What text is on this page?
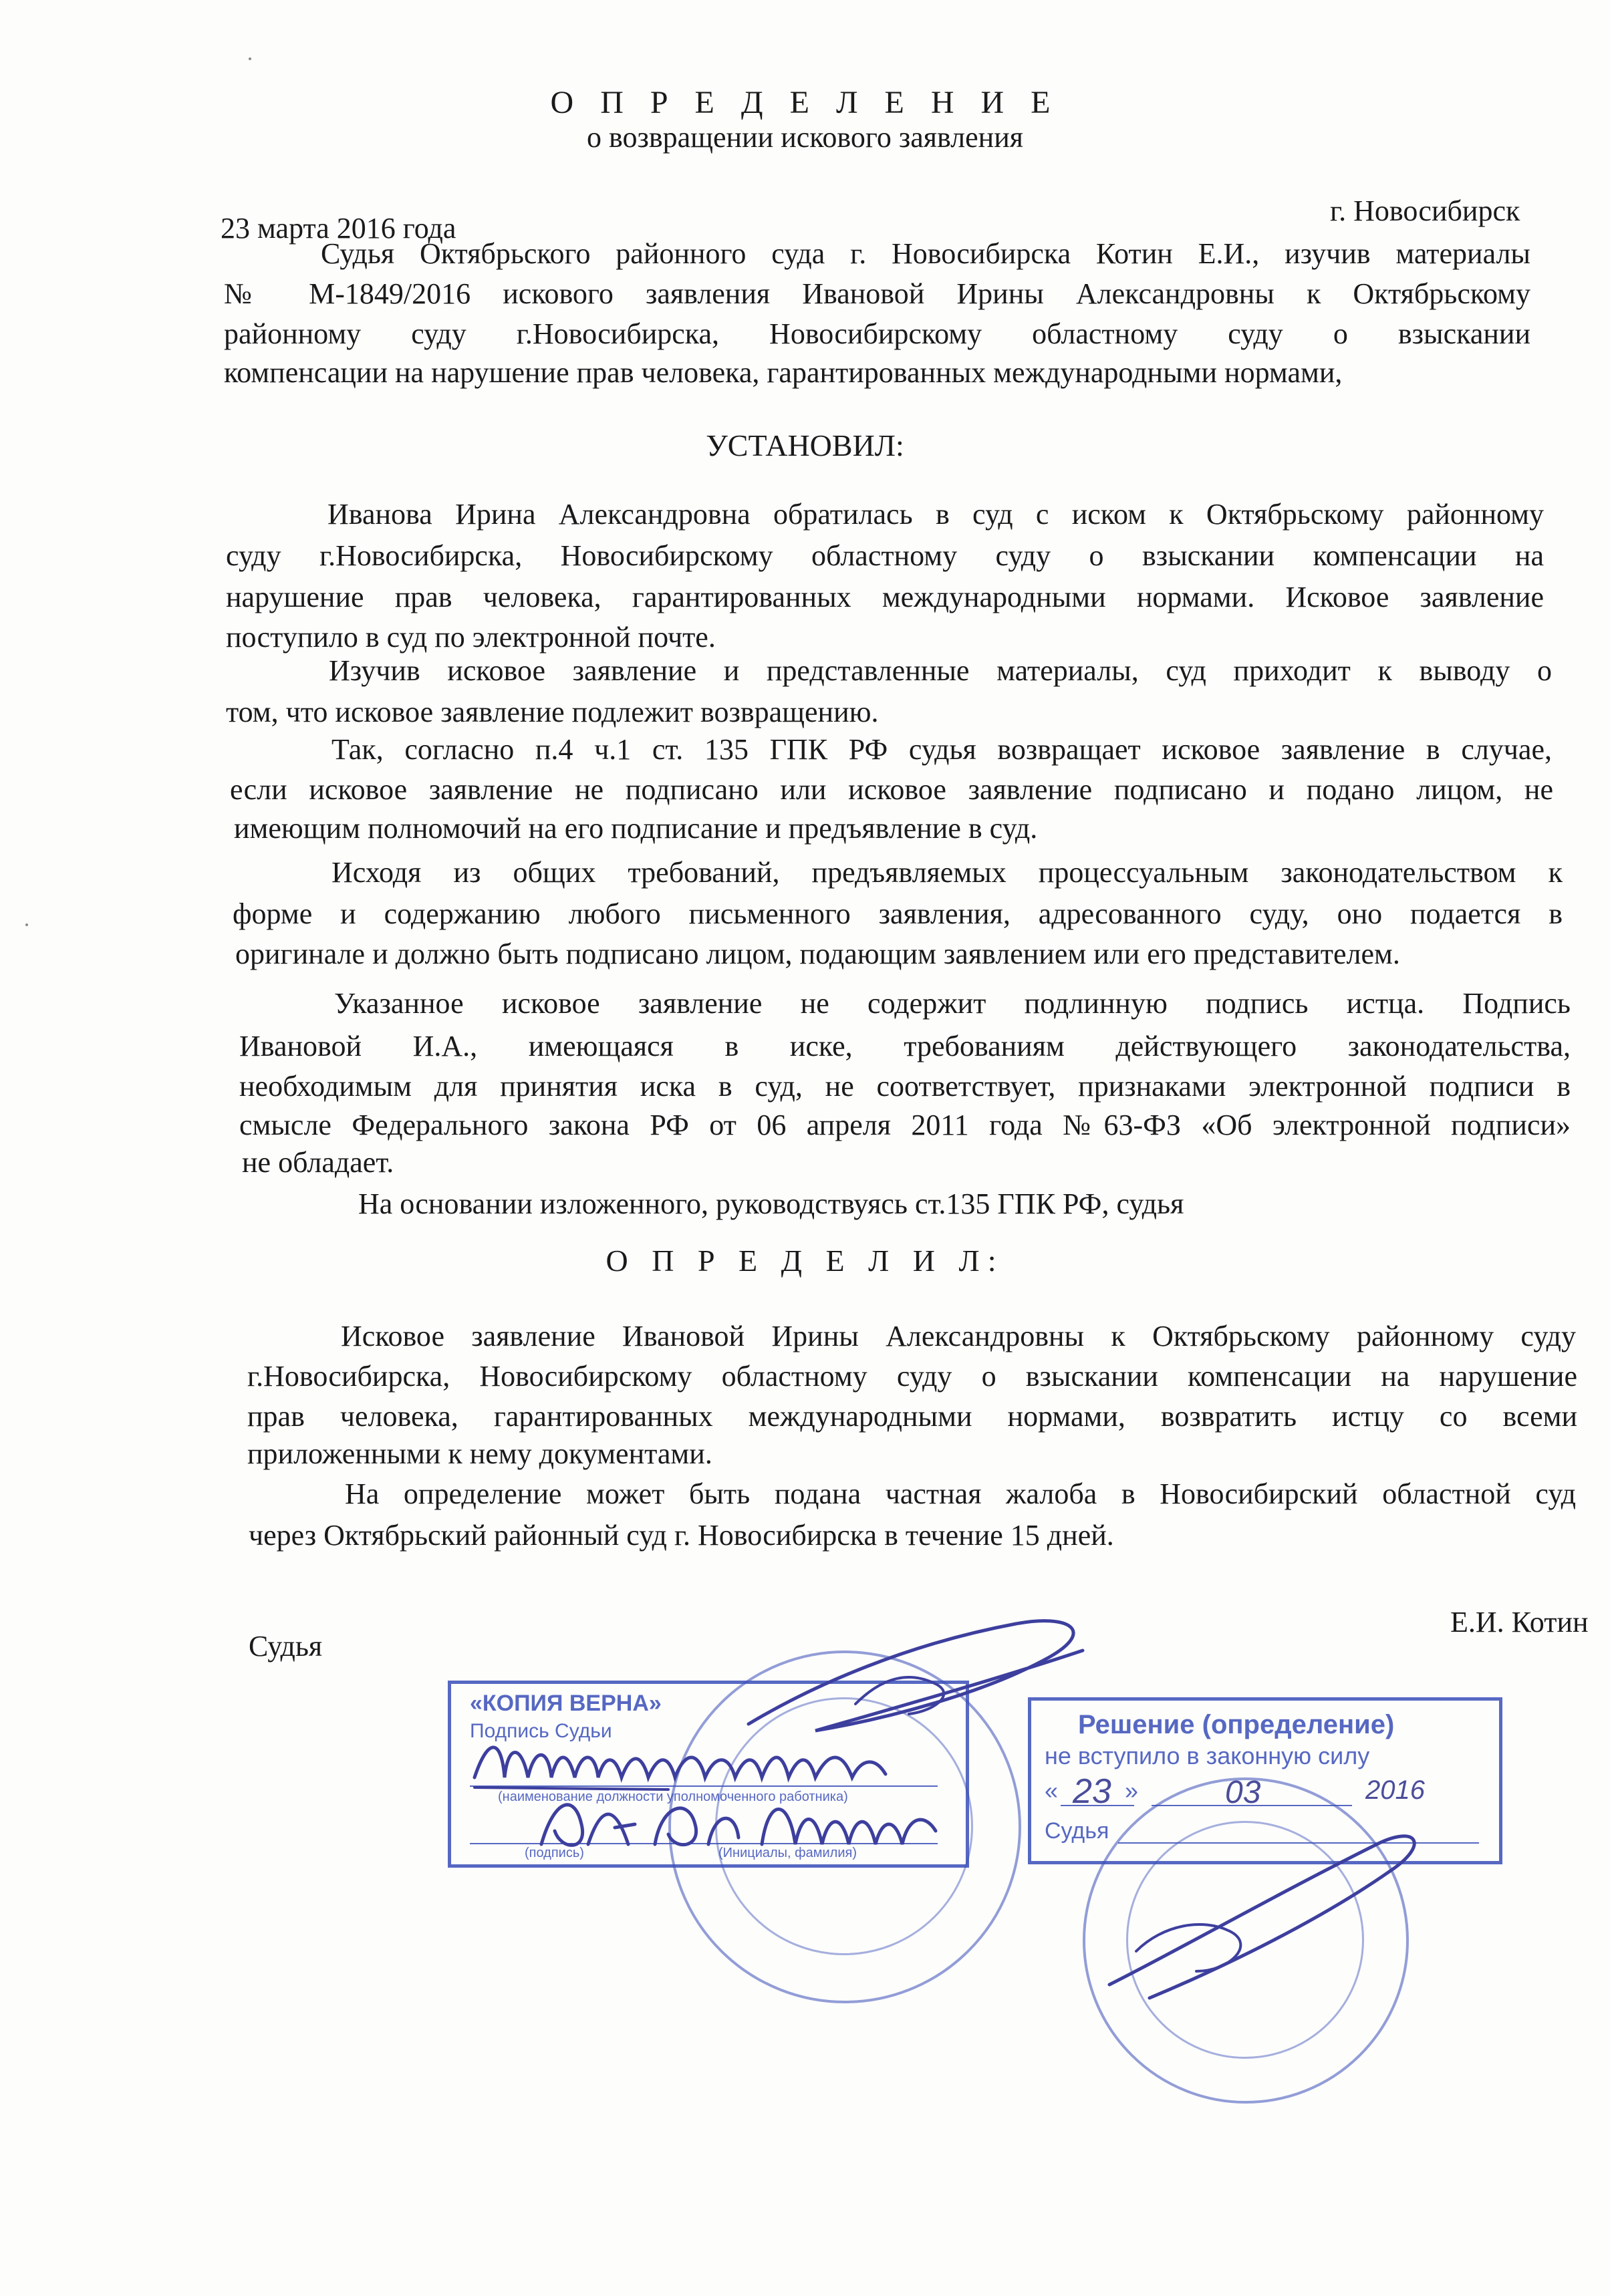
О П Р Е Д Е Л Е Н И Е
о возвращении искового заявления
23 марта 2016 года
г. Новосибирск
Судья Октябрьского районного суда г. Новосибирска Котин Е.И., изучив материалы
№ М-1849/2016 искового заявления Ивановой Ирины Александровны к Октябрьскому
районному суду г.Новосибирска, Новосибирскому областному суду о взыскании
компенсации на нарушение прав человека, гарантированных международными нормами,
УСТАНОВИЛ:
Иванова Ирина Александровна обратилась в суд с иском к Октябрьскому районному
суду г.Новосибирска, Новосибирскому областному суду о взыскании компенсации на
нарушение прав человека, гарантированных международными нормами. Исковое заявление
поступило в суд по электронной почте.
Изучив исковое заявление и представленные материалы, суд приходит к выводу о
том, что исковое заявление подлежит возвращению.
Так, согласно п.4 ч.1 ст. 135 ГПК РФ судья возвращает исковое заявление в случае,
если исковое заявление не подписано или исковое заявление подписано и подано лицом, не
имеющим полномочий на его подписание и предъявление в суд.
Исходя из общих требований, предъявляемых процессуальным законодательством к
форме и содержанию любого письменного заявления, адресованного суду, оно подается в
оригинале и должно быть подписано лицом, подающим заявлением или его представителем.
Указанное исковое заявление не содержит подлинную подпись истца. Подпись
Ивановой И.А., имеющаяся в иске, требованиям действующего законодательства,
необходимым для принятия иска в суд, не соответствует, признаками электронной подписи в
смысле Федерального закона РФ от 06 апреля 2011 года №63-ФЗ «Об электронной подписи»
не обладает.
На основании изложенного, руководствуясь ст.135 ГПК РФ, судья
О П Р Е Д Е Л И Л:
Исковое заявление Ивановой Ирины Александровны к Октябрьскому районному суду
г.Новосибирска, Новосибирскому областному суду о взыскании компенсации на нарушение
прав человека, гарантированных международными нормами, возвратить истцу со всеми
приложенными к нему документами.
На определение может быть подана частная жалоба в Новосибирский областной суд
через Октябрьский районный суд г. Новосибирска в течение 15 дней.
Судья
Е.И. Котин
«КОПИЯ ВЕРНА»
Подпись Судьи
(наименование должности уполномоченного работника)
(подпись)	(Инициалы, фамилия)
Решение (определение)
не вступило в законную силу
« 23 »	03	2016
Судья
